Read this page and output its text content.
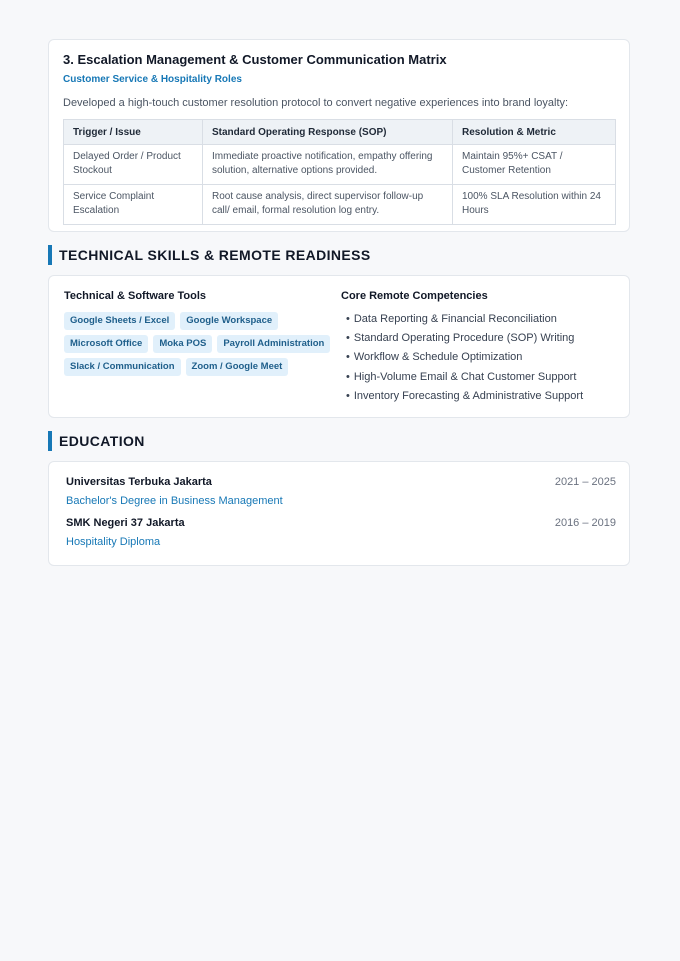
3. Escalation Management & Customer Communication Matrix
Customer Service & Hospitality Roles
Developed a high-touch customer resolution protocol to convert negative experiences into brand loyalty:
Trigger / Issue	Standard Operating Response (SOP)	Resolution & Metric
Delayed Order / Product Stockout	Immediate proactive notification, empathy offering solution, alternative options provided.	Maintain 95%+ CSAT / Customer Retention
Service Complaint Escalation	Root cause analysis, direct supervisor follow-up call/ email, formal resolution log entry.	100% SLA Resolution within 24 Hours
TECHNICAL SKILLS & REMOTE READINESS
Technical & Software Tools
Google Sheets / Excel	Google Workspace
Microsoft Office	Moka POS	Payroll Administration
Slack / Communication	Zoom / Google Meet
Core Remote Competencies
• Data Reporting & Financial Reconciliation
• Standard Operating Procedure (SOP) Writing
• Workflow & Schedule Optimization
• High-Volume Email & Chat Customer Support
• Inventory Forecasting & Administrative Support
EDUCATION
Universitas Terbuka Jakarta	2021 – 2025
Bachelor's Degree in Business Management
SMK Negeri 37 Jakarta	2016 – 2019
Hospitality Diploma
